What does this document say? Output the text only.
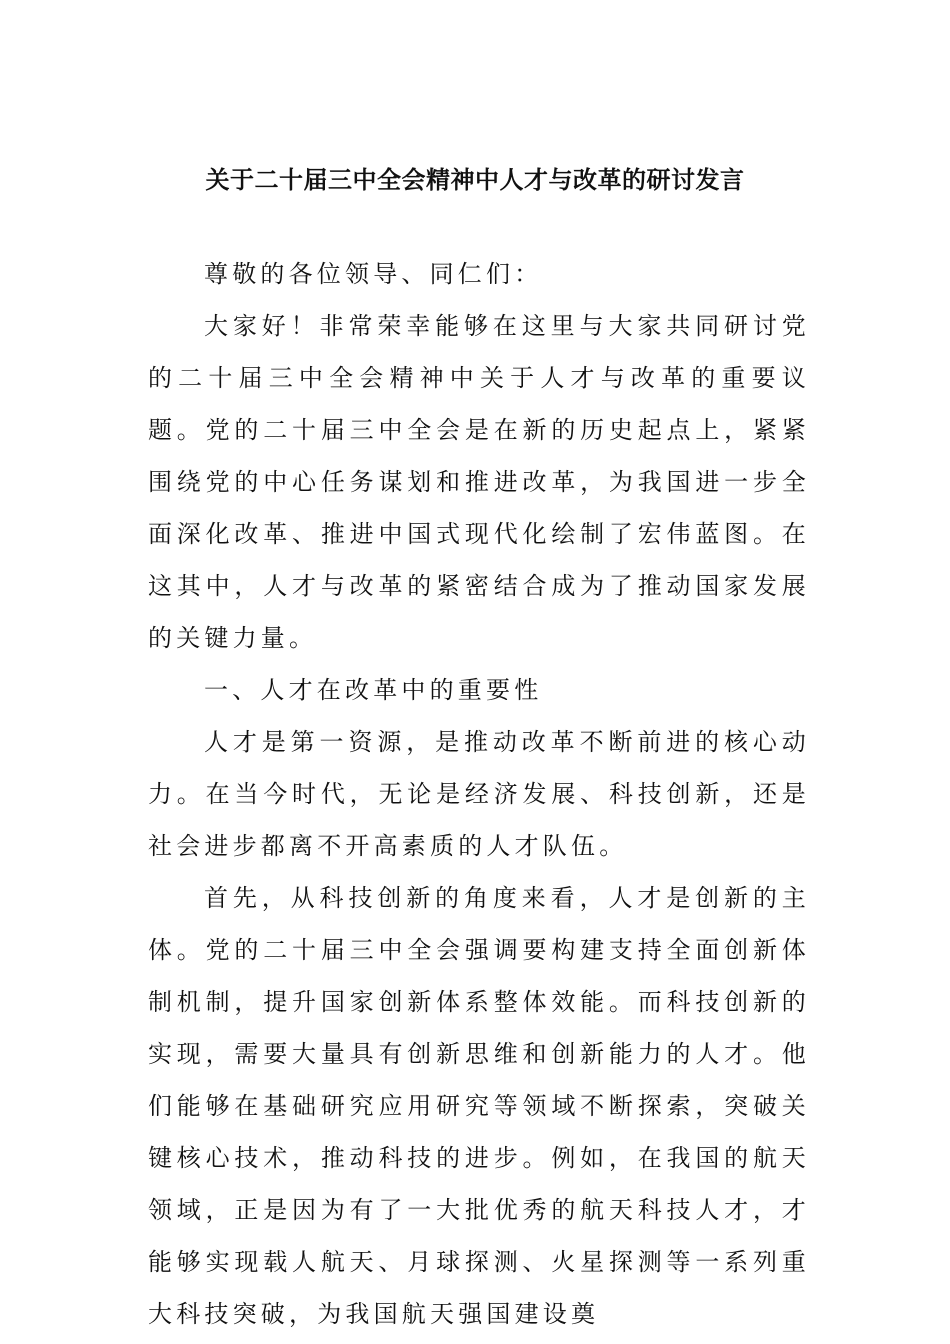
关于二十届三中全会精神中人才与改革的研讨发言

尊敬的各位领导、同仁们：

大家好！非常荣幸能够在这里与大家共同研讨党的二十届三中全会精神中关于人才与改革的重要议题。党的二十届三中全会是在新的历史起点上，紧紧围绕党的中心任务谋划和推进改革，为我国进一步全面深化改革、推进中国式现代化绘制了宏伟蓝图。在这其中，人才与改革的紧密结合成为了推动国家发展的关键力量。

一、人才在改革中的重要性

人才是第一资源，是推动改革不断前进的核心动力。在当今时代，无论是经济发展、科技创新，还是社会进步都离不开高素质的人才队伍。

首先，从科技创新的角度来看，人才是创新的主体。党的二十届三中全会强调要构建支持全面创新体制机制，提升国家创新体系整体效能。而科技创新的实现，需要大量具有创新思维和创新能力的人才。他们能够在基础研究应用研究等领域不断探索，突破关键核心技术，推动科技的进步。例如，在我国的航天领域，正是因为有了一大批优秀的航天科技人才，才能够实现载人航天、月球探测、火星探测等一系列重大科技突破，为我国航天强国建设奠
